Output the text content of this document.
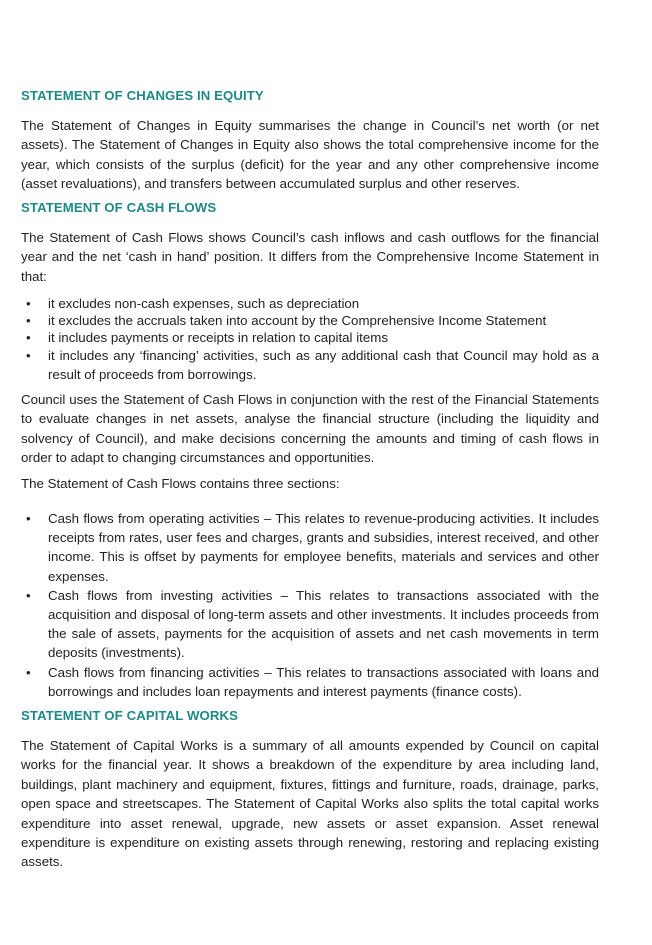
STATEMENT OF CHANGES IN EQUITY

The Statement of Changes in Equity summarises the change in Council’s net worth (or net assets). The Statement of Changes in Equity also shows the total comprehensive income for the year, which consists of the surplus (deficit) for the year and any other comprehensive income (asset revaluations), and transfers between accumulated surplus and other reserves.

STATEMENT OF CASH FLOWS

The Statement of Cash Flows shows Council’s cash inflows and cash outflows for the financial year and the net ‘cash in hand’ position. It differs from the Comprehensive Income Statement in that:

• it excludes non-cash expenses, such as depreciation
• it excludes the accruals taken into account by the Comprehensive Income Statement
• it includes payments or receipts in relation to capital items
• it includes any ‘financing’ activities, such as any additional cash that Council may hold as a result of proceeds from borrowings.

Council uses the Statement of Cash Flows in conjunction with the rest of the Financial Statements to evaluate changes in net assets, analyse the financial structure (including the liquidity and solvency of Council), and make decisions concerning the amounts and timing of cash flows in order to adapt to changing circumstances and opportunities.

The Statement of Cash Flows contains three sections:

• Cash flows from operating activities – This relates to revenue-producing activities. It includes receipts from rates, user fees and charges, grants and subsidies, interest received, and other income. This is offset by payments for employee benefits, materials and services and other expenses.
• Cash flows from investing activities – This relates to transactions associated with the acquisition and disposal of long-term assets and other investments. It includes proceeds from the sale of assets, payments for the acquisition of assets and net cash movements in term deposits (investments).
• Cash flows from financing activities – This relates to transactions associated with loans and borrowings and includes loan repayments and interest payments (finance costs).
STATEMENT OF CAPITAL WORKS

The Statement of Capital Works is a summary of all amounts expended by Council on capital works for the financial year. It shows a breakdown of the expenditure by area including land, buildings, plant machinery and equipment, fixtures, fittings and furniture, roads, drainage, parks, open space and streetscapes. The Statement of Capital Works also splits the total capital works expenditure into asset renewal, upgrade, new assets or asset expansion. Asset renewal expenditure is expenditure on existing assets through renewing, restoring and replacing existing assets.
